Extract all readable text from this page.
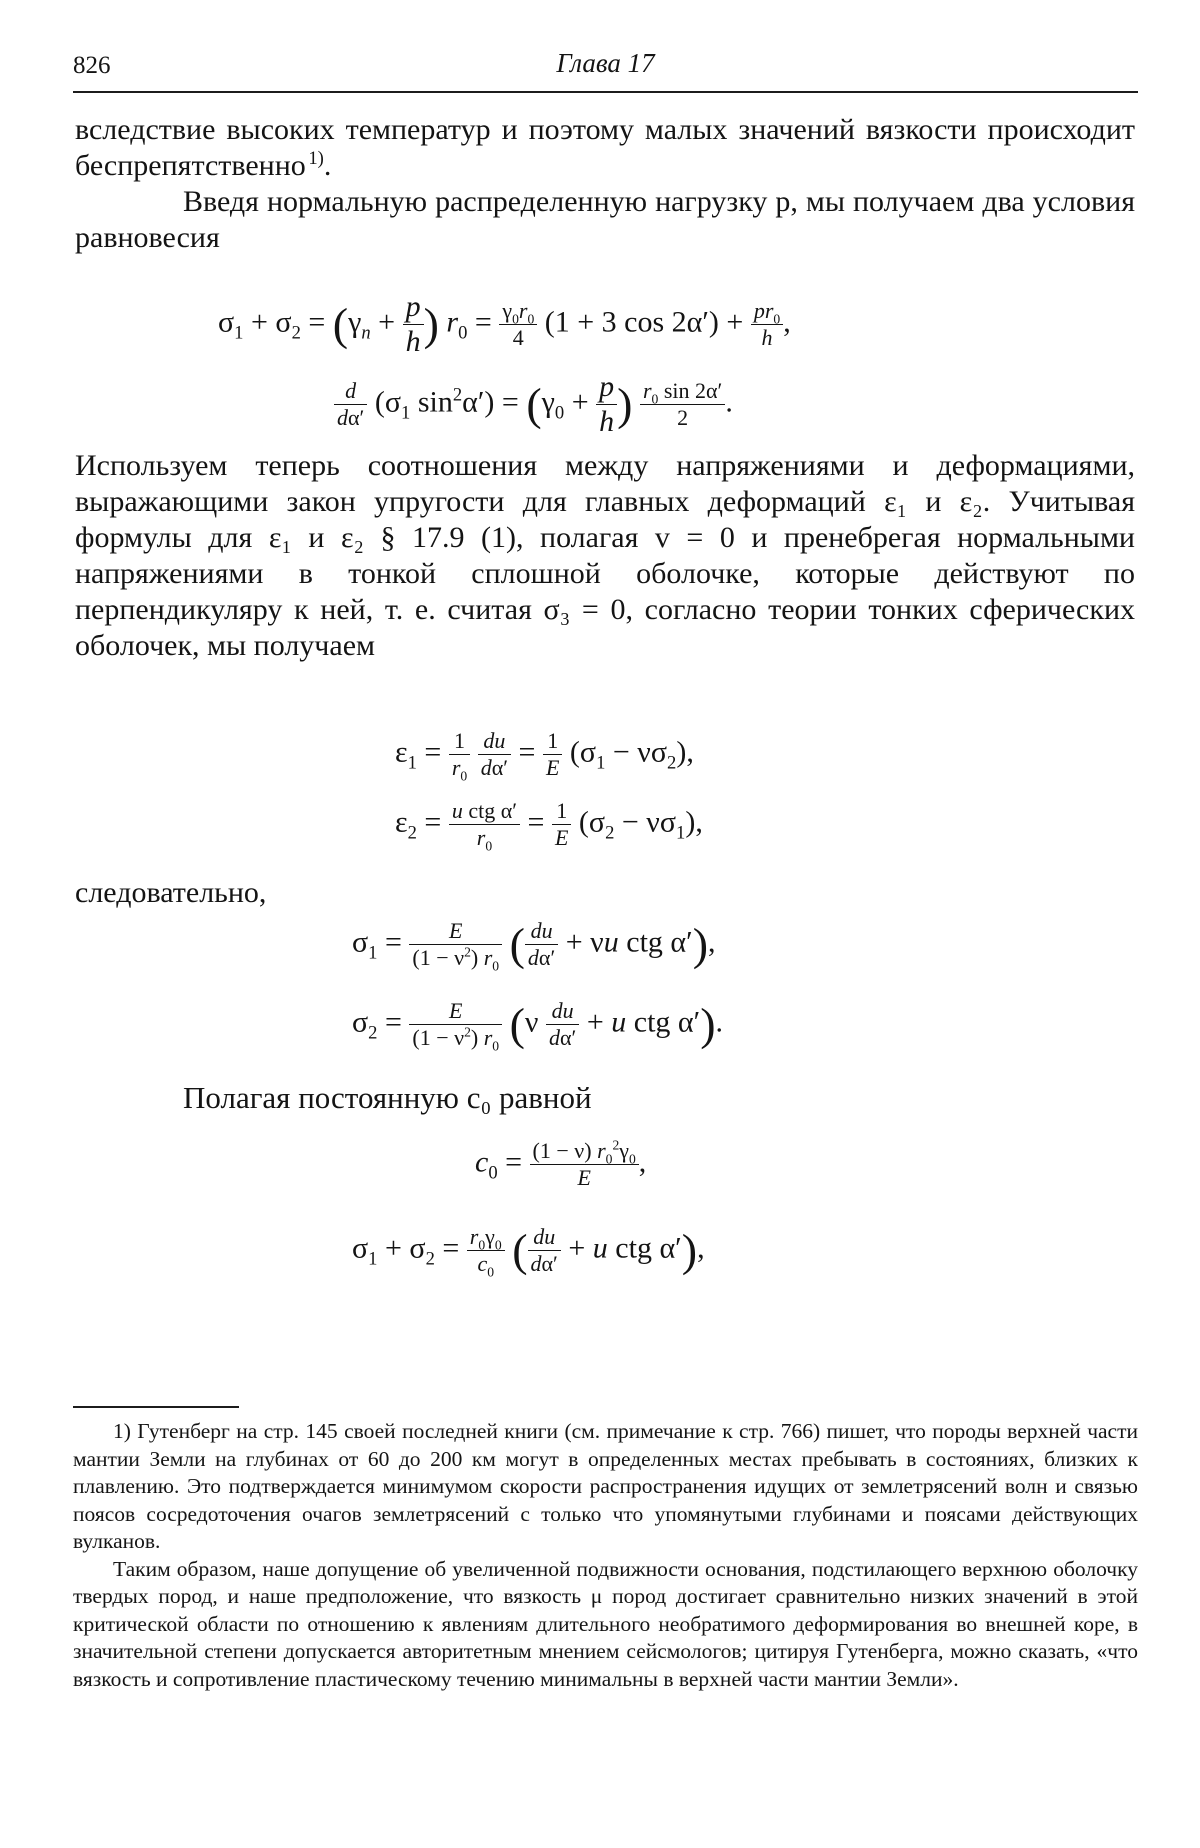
826	Глава 17

вследствие высоких температур и поэтому малых значений вязкости происходит беспрепятственно  $^{1)}$.

Введя нормальную распределенную нагрузку p, мы получаем два условия равновесия

$\sigma_1 + \sigma_2 = (\gamma_n + \frac{p}{h}$ ) $r_0 = \frac{\gamma_0r_0}{4} (1 + 3$ $\cos 2\alpha') + \frac{pr_0}{h}$ ,
$\frac{d}{d\alpha'} (\sigma_1$ $\sin^2\alpha') = (\gamma_0 + \frac{p}{h}$ ) $\frac{r_0 \sin 2\alpha'}{2}$ .

Используем теперь соотношения между напряжениями и деформациями, выражающими закон упругости для главных деформаций ε₁ и ε₂. Учитывая формулы для ε₁ и ε₂ § 17.9 (1), полагая v = 0 и пренебрегая нормальными напряжениями в тонкой сплошной оболочке, которые действуют по перпендикуляру к ней, т. е. считая σ₃ = 0, согласно теории тонких сферических оболочек, мы получаем

$\varepsilon_1 = \frac{1}{r_0}$
$\frac{du}{d\alpha'} = \frac{1}{E} (\sigma_1 - \nu\sigma_2)$,
$\varepsilon_2 = \frac{\text{u ctg α′}}{r_0} = \frac{1}{E} (\sigma_2 - \nu\sigma_1)$,

следовательно,

$\sigma_1 = \frac{E}{(1 - \nu^2) r_0}$ ( $\frac{du}{d\alpha'} + \nu u$ ctg α′),
$\sigma_2 = \frac{E}{(1 - \nu^2) r_0} (\nu \frac{du}{d\alpha'} + u$ ctg α′).

Полагая постоянную c₀ равной

$c_0 = \frac{(1 - \nu) r_0^2\gamma_0}{E}$ ,
$\sigma_1 + \sigma_2 = \frac{r_0\gamma_0}{c_0}$ ( $\frac{du}{d\alpha'} + u$ ctg α′),

1) Гутенберг на стр. 145 своей последней книги (см. примечание к стр. 766) пишет, что породы верхней части мантии Земли на глубинах от 60 до 200 км могут в определенных местах пребывать в состояниях, близких к плавлению. Это подтверждается минимумом скорости распространения идущих от землетрясений волн и связью поясов сосредоточения очагов землетрясений с только что упомянутыми глубинами и поясами действующих вулканов.

Таким образом, наше допущение об увеличенной подвижности основания, подстилающего верхнюю оболочку твердых пород, и наше предположение, что вязкость μ пород достигает сравнительно низких значений в этой критической области по отношению к явлениям длительного необратимого деформирования во внешней коре, в значительной степени допускается авторитетным мнением сейсмологов; цитируя Гутенберга, можно сказать, «что вязкость и сопротивление пластическому течению минимальны в верхней части мантии Земли».
